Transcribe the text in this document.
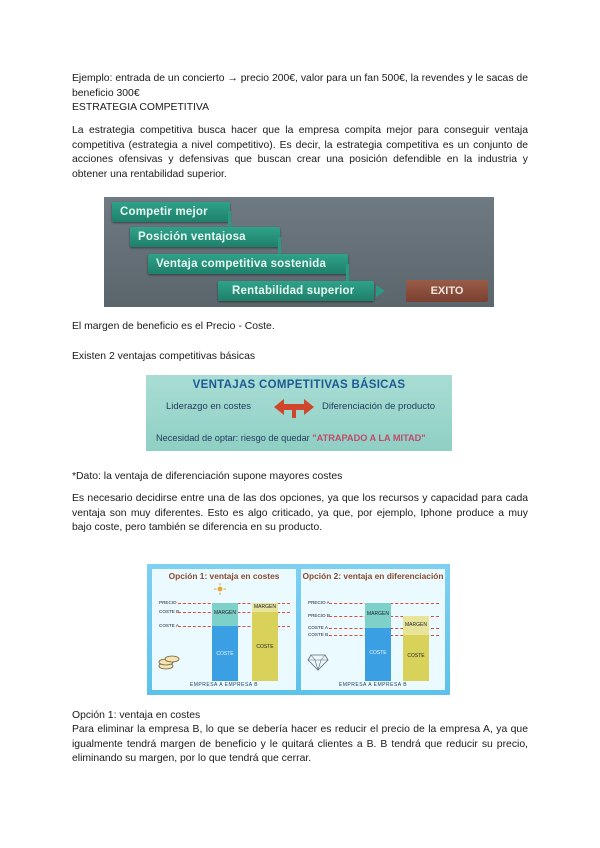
Ejemplo: entrada de un concierto → precio 200€, valor para un fan 500€, la revendes y le sacas de beneficio 300€

ESTRATEGIA COMPETITIVA

La estrategia competitiva busca hacer que la empresa compita mejor para conseguir ventaja competitiva (estrategia a nivel competitivo). Es decir, la estrategia competitiva es un conjunto de acciones ofensivas y defensivas que buscan crear una posición defendible en la industria y obtener una rentabilidad superior.

Competir mejor
Posición ventajosa
Ventaja competitiva sostenida
Rentabilidad superior	EXITO

El margen de beneficio es el Precio - Coste.

Existen 2 ventajas competitivas básicas

VENTAJAS COMPETITIVAS BÁSICAS
Liderazgo en costes	Diferenciación de producto
Necesidad de optar: riesgo de quedar "ATRAPADO A LA MITAD"

*Dato: la ventaja de diferenciación supone mayores costes

Es necesario decidirse entre una de las dos opciones, ya que los recursos y capacidad para cada ventaja son muy diferentes. Esto es algo criticado, ya que, por ejemplo, Iphone produce a muy bajo coste, pero también se diferencia en su producto.

Opción 1: ventaja en costes
PRECIO
COSTE B
COSTE A
MARGEN
COSTE
MARGEN
COSTE
EMPRESA A EMPRESA B
Opción 2: ventaja en diferenciación
PRECIO A
PRECIO B
COSTE A
COSTE B
MARGEN
COSTE
MARGEN
COSTE
EMPRESA A EMPRESA B

Opción 1: ventaja en costes

Para eliminar la empresa B, lo que se debería hacer es reducir el precio de la empresa A, ya que igualmente tendrá margen de beneficio y le quitará clientes a B. B tendrá que reducir su precio, eliminando su margen, por lo que tendrá que cerrar.
